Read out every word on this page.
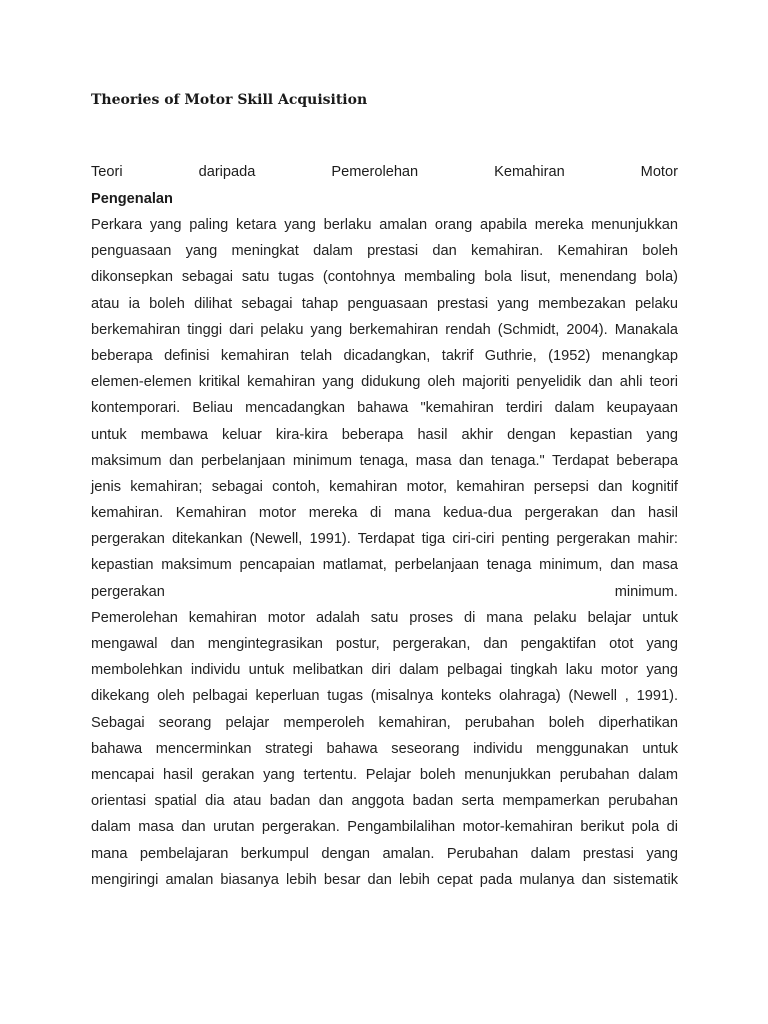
Theories of Motor Skill Acquisition
Teori	daripada	Pemerolehan	Kemahiran	Motor
Pengenalan
Perkara yang paling ketara yang berlaku amalan orang apabila mereka menunjukkan
penguasaan yang meningkat dalam prestasi dan kemahiran. Kemahiran boleh
dikonsepkan sebagai satu tugas (contohnya membaling bola lisut, menendang bola)
atau ia boleh dilihat sebagai tahap penguasaan prestasi yang membezakan pelaku
berkemahiran tinggi dari pelaku yang berkemahiran rendah (Schmidt, 2004). Manakala
beberapa definisi kemahiran telah dicadangkan, takrif Guthrie, (1952) menangkap
elemen-elemen kritikal kemahiran yang didukung oleh majoriti penyelidik dan ahli teori
kontemporari. Beliau mencadangkan bahawa "kemahiran terdiri dalam keupayaan
untuk membawa keluar kira-kira beberapa hasil akhir dengan kepastian yang
maksimum dan perbelanjaan minimum tenaga, masa dan tenaga." Terdapat beberapa
jenis kemahiran; sebagai contoh, kemahiran motor, kemahiran persepsi dan kognitif
kemahiran. Kemahiran motor mereka di mana kedua-dua pergerakan dan hasil
pergerakan ditekankan (Newell, 1991). Terdapat tiga ciri-ciri penting pergerakan mahir:
kepastian maksimum pencapaian matlamat, perbelanjaan tenaga minimum, dan masa
pergerakan minimum.
Pemerolehan kemahiran motor adalah satu proses di mana pelaku belajar untuk
mengawal dan mengintegrasikan postur, pergerakan, dan pengaktifan otot yang
membolehkan individu untuk melibatkan diri dalam pelbagai tingkah laku motor yang
dikekang oleh pelbagai keperluan tugas (misalnya konteks olahraga) (Newell , 1991).
Sebagai seorang pelajar memperoleh kemahiran, perubahan boleh diperhatikan
bahawa mencerminkan strategi bahawa seseorang individu menggunakan untuk
mencapai hasil gerakan yang tertentu. Pelajar boleh menunjukkan perubahan dalam
orientasi spatial dia atau badan dan anggota badan serta mempamerkan perubahan
dalam masa dan urutan pergerakan. Pengambilalihan motor-kemahiran berikut pola di
mana pembelajaran berkumpul dengan amalan. Perubahan dalam prestasi yang
mengiringi amalan biasanya lebih besar dan lebih cepat pada mulanya dan sistematik
